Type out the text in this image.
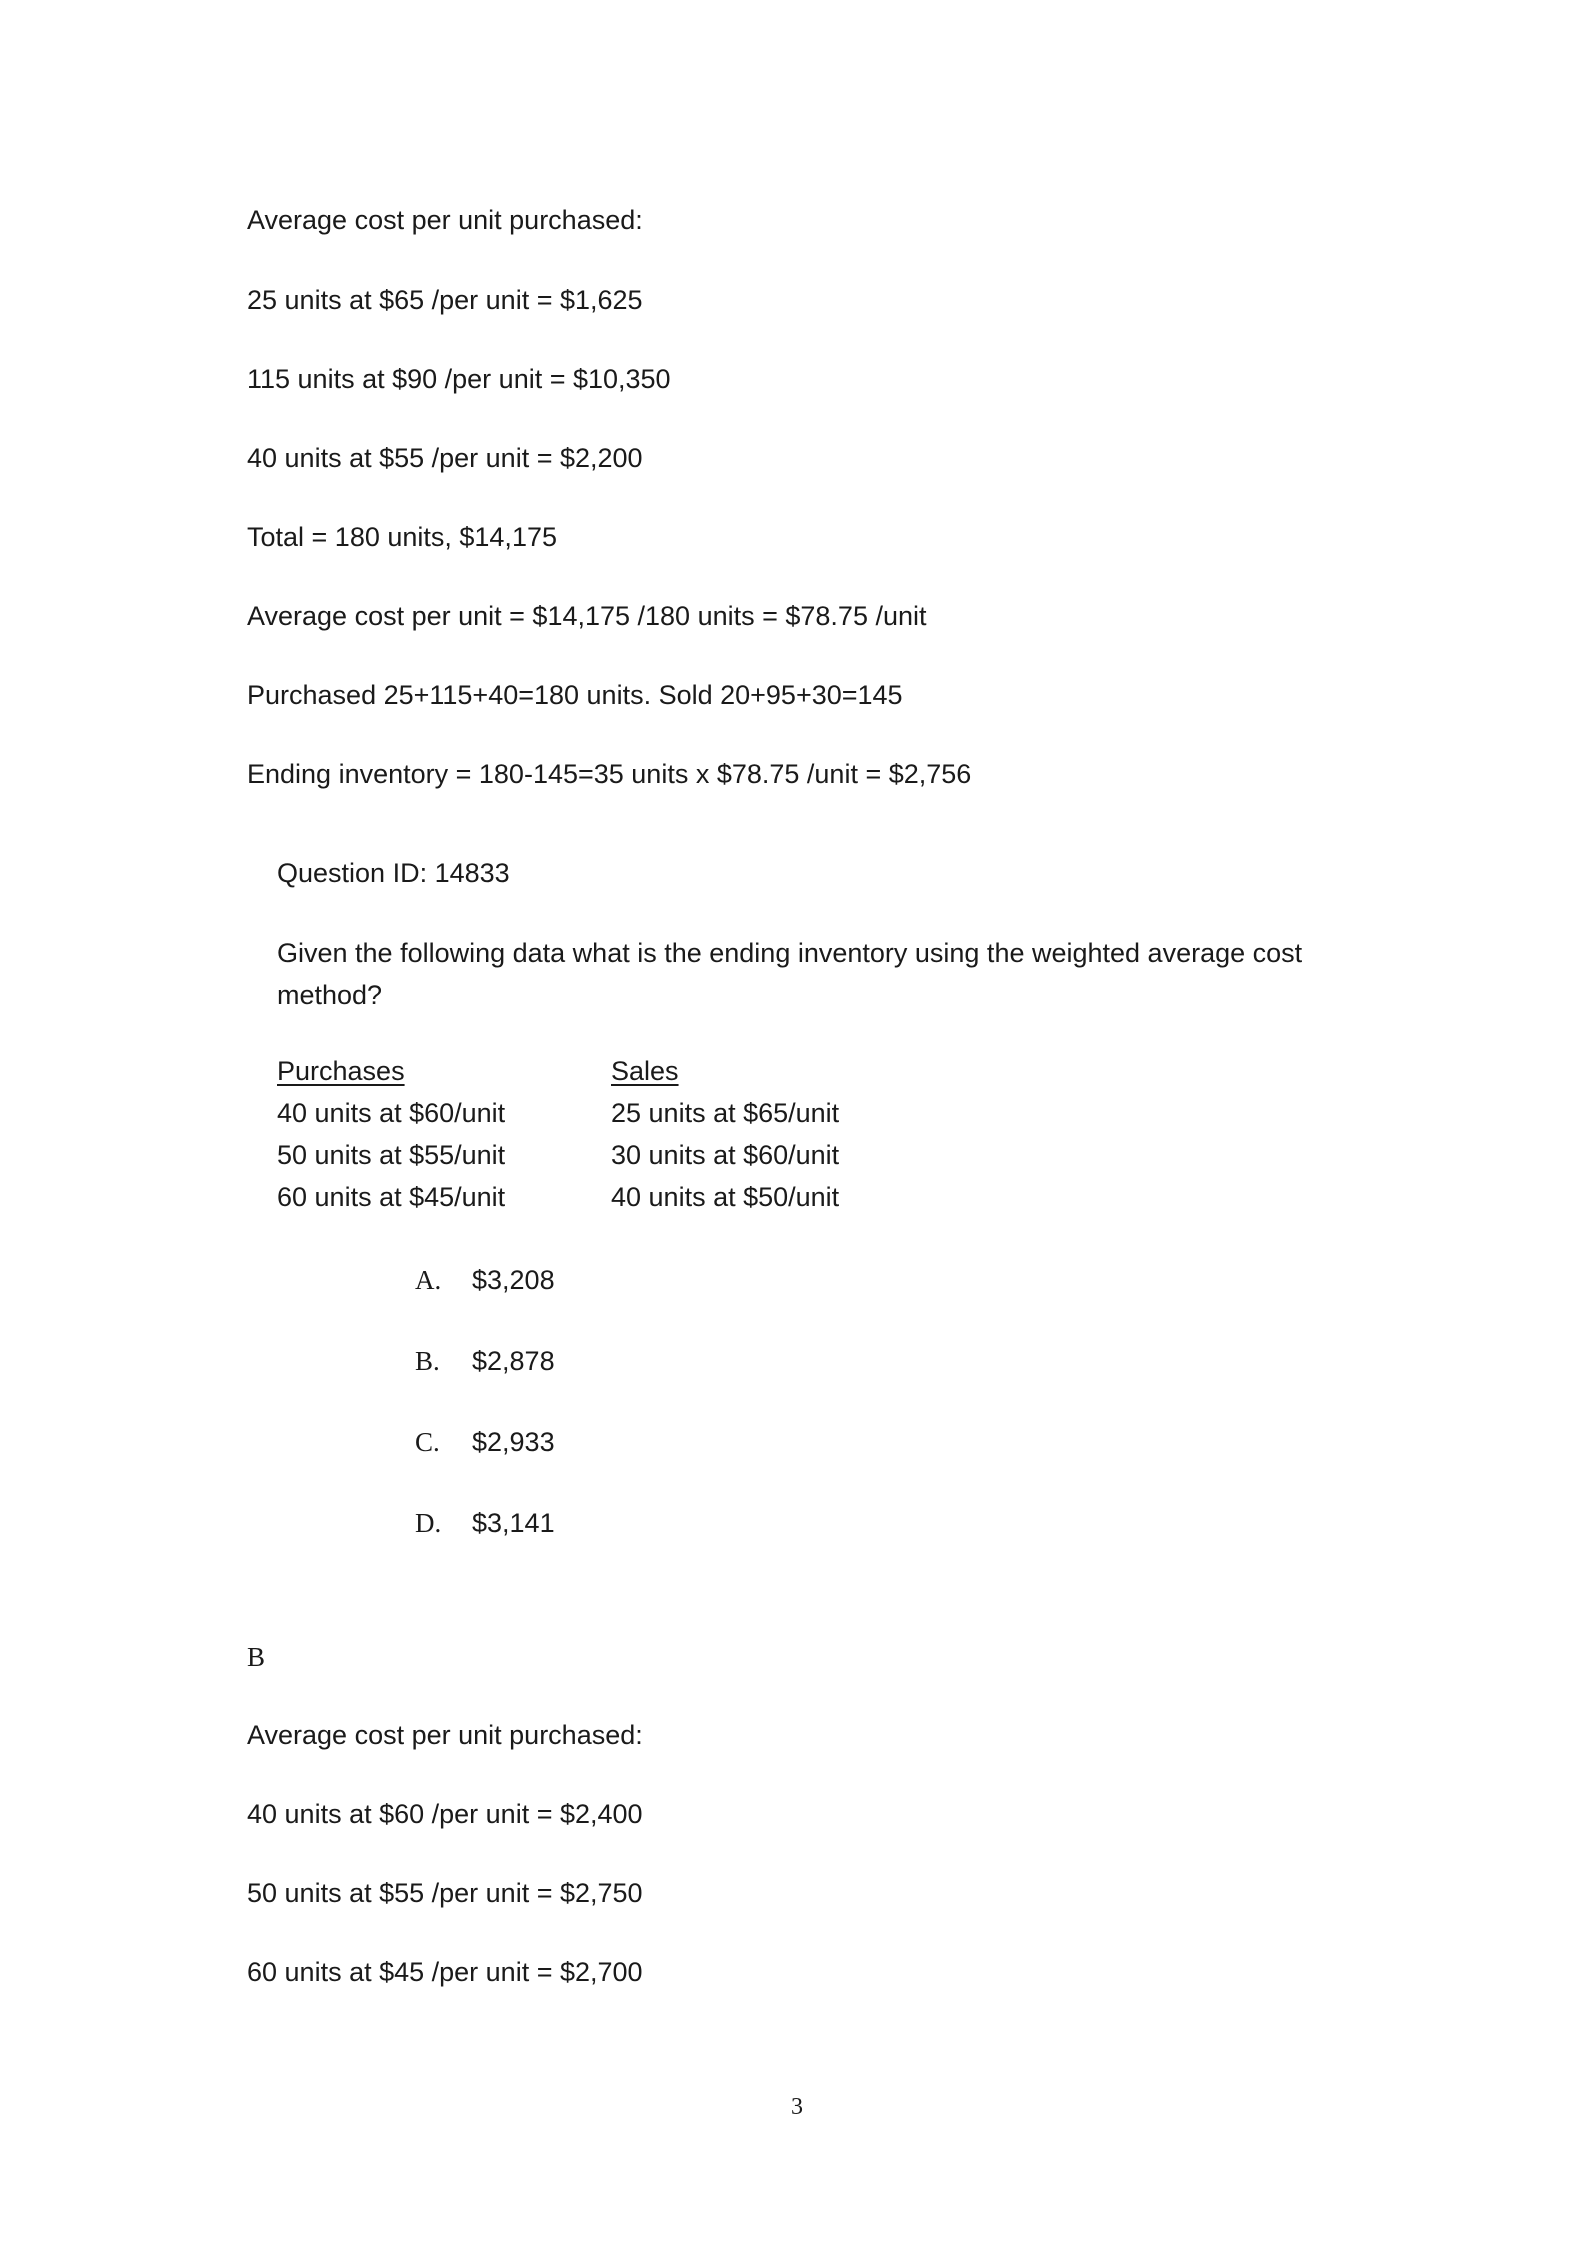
Average cost per unit purchased:
25 units at $65 /per unit = $1,625
115 units at $90 /per unit = $10,350
40 units at $55 /per unit = $2,200
Total = 180 units, $14,175
Average cost per unit = $14,175 /180 units = $78.75 /unit
Purchased 25+115+40=180 units. Sold 20+95+30=145
Ending inventory = 180-145=35 units x $78.75 /unit = $2,756
Question ID: 14833
Given the following data what is the ending inventory using the weighted average cost method?
Purchases
40 units at $60/unit
50 units at $55/unit
60 units at $45/unit
Sales
25 units at $65/unit
30 units at $60/unit
40 units at $50/unit
A. $3,208
B. $2,878
C. $2,933
D. $3,141
B
Average cost per unit purchased:
40 units at $60 /per unit = $2,400
50 units at $55 /per unit = $2,750
60 units at $45 /per unit = $2,700
3
